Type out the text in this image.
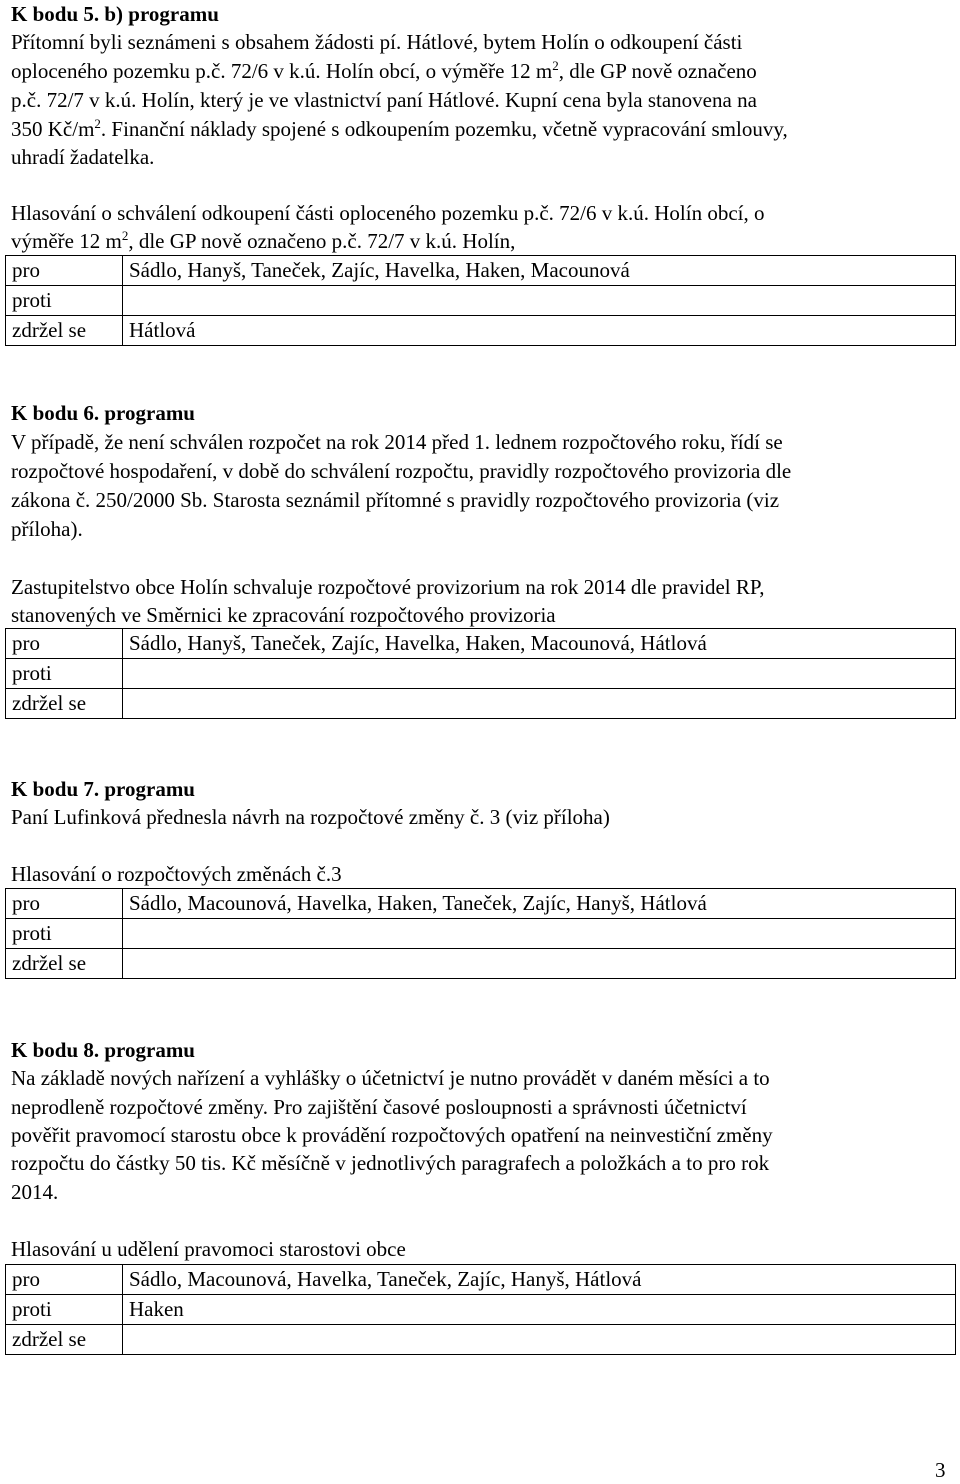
K bodu 5. b) programu
Přítomní byli seznámeni s obsahem žádosti pí. Hátlové, bytem Holín o odkoupení části
oploceného pozemku p.č. 72/6 v k.ú. Holín obcí, o výměře 12 $m^2$, dle GP nově označeno
p.č. 72/7 v k.ú. Holín, který je ve vlastnictví paní Hátlové. Kupní cena byla stanovena na
350 $Kč/m^2$. Finanční náklady spojené s odkoupením pozemku, včetně vypracování smlouvy,
uhradí žadatelka.
Hlasování o schválení odkoupení části oploceného pozemku p.č. 72/6 v k.ú. Holín obcí, o
výměře 12 $m^2$, dle GP nově označeno p.č. 72/7 v k.ú. Holín,
pro	Sádlo, Hanyš, Taneček, Zajíc, Havelka, Haken, Macounová
proti	
zdržel se	Hátlová
K bodu 6. programu
V případě, že není schválen rozpočet na rok 2014 před 1. lednem rozpočtového roku, řídí se
rozpočtové hospodaření, v době do schválení rozpočtu, pravidly rozpočtového provizoria dle
zákona č. 250/2000 Sb. Starosta seznámil přítomné s pravidly rozpočtového provizoria (viz
příloha).
Zastupitelstvo obce Holín schvaluje rozpočtové provizorium na rok 2014 dle pravidel RP,
stanovených ve Směrnici ke zpracování rozpočtového provizoria
pro	Sádlo, Hanyš, Taneček, Zajíc, Havelka, Haken, Macounová, Hátlová
proti	
zdržel se	
K bodu 7. programu
Paní Lufinková přednesla návrh na rozpočtové změny č. 3 (viz příloha)
Hlasování o rozpočtových změnách č.3
pro	Sádlo, Macounová, Havelka, Haken, Taneček, Zajíc, Hanyš, Hátlová
proti	
zdržel se	
K bodu 8. programu
Na základě nových nařízení a vyhlášky o účetnictví je nutno provádět v daném měsíci a to
neprodleně rozpočtové změny. Pro zajištění časové posloupnosti a správnosti účetnictví
pověřit pravomocí starostu obce k provádění rozpočtových opatření na neinvestiční změny
rozpočtu do částky 50 tis. Kč měsíčně v jednotlivých paragrafech a položkách a to pro rok
2014.
Hlasování u udělení pravomoci starostovi obce
pro	Sádlo, Macounová, Havelka, Taneček, Zajíc, Hanyš, Hátlová
proti	Haken
zdržel se	
3
